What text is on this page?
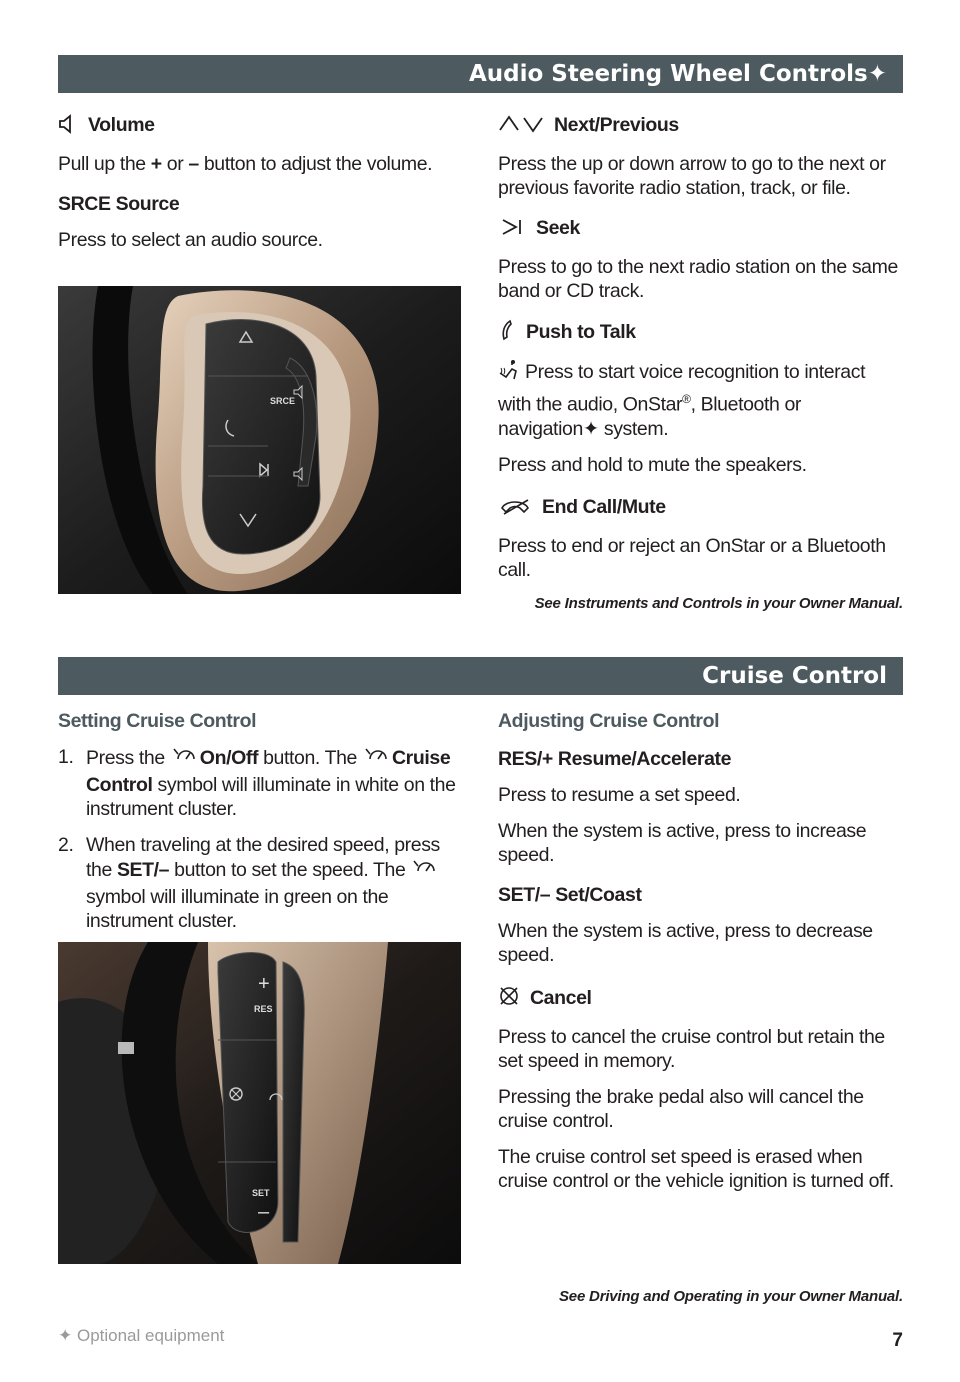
Audio Steering Wheel Controls✦

Volume

Pull up the + or – button to adjust the volume.

SRCE Source

Press to select an audio source.

SRCE

Next/Previous

Press the up or down arrow to go to the next or previous favorite radio station, track, or file.

Seek

Press to go to the next radio station on the same band or CD track.

Push to Talk

Press to start voice recognition to interact with the audio, OnStar®, Bluetooth or navigation✦ system.

Press and hold to mute the speakers.

End Call/Mute

Press to end or reject an OnStar or a Bluetooth call.

See Instruments and Controls in your Owner Manual.
Cruise Control

Setting Cruise Control

1. Press the On/Off button. The Cruise Control symbol will illuminate in white on the instrument cluster.
2. When traveling at the desired speed, press the SET/– button to set the speed. The  symbol will illuminate in green on the instrument cluster.
+
RES
SET
–

Adjusting Cruise Control

RES/+ Resume/Accelerate

Press to resume a set speed.

When the system is active, press to increase speed.

SET/– Set/Coast

When the system is active, press to decrease speed.

Cancel

Press to cancel the cruise control but retain the set speed in memory.

Pressing the brake pedal also will cancel the cruise control.

The cruise control set speed is erased when cruise control or the vehicle ignition is turned off.

See Driving and Operating in your Owner Manual.
✦ Optional equipment	7
